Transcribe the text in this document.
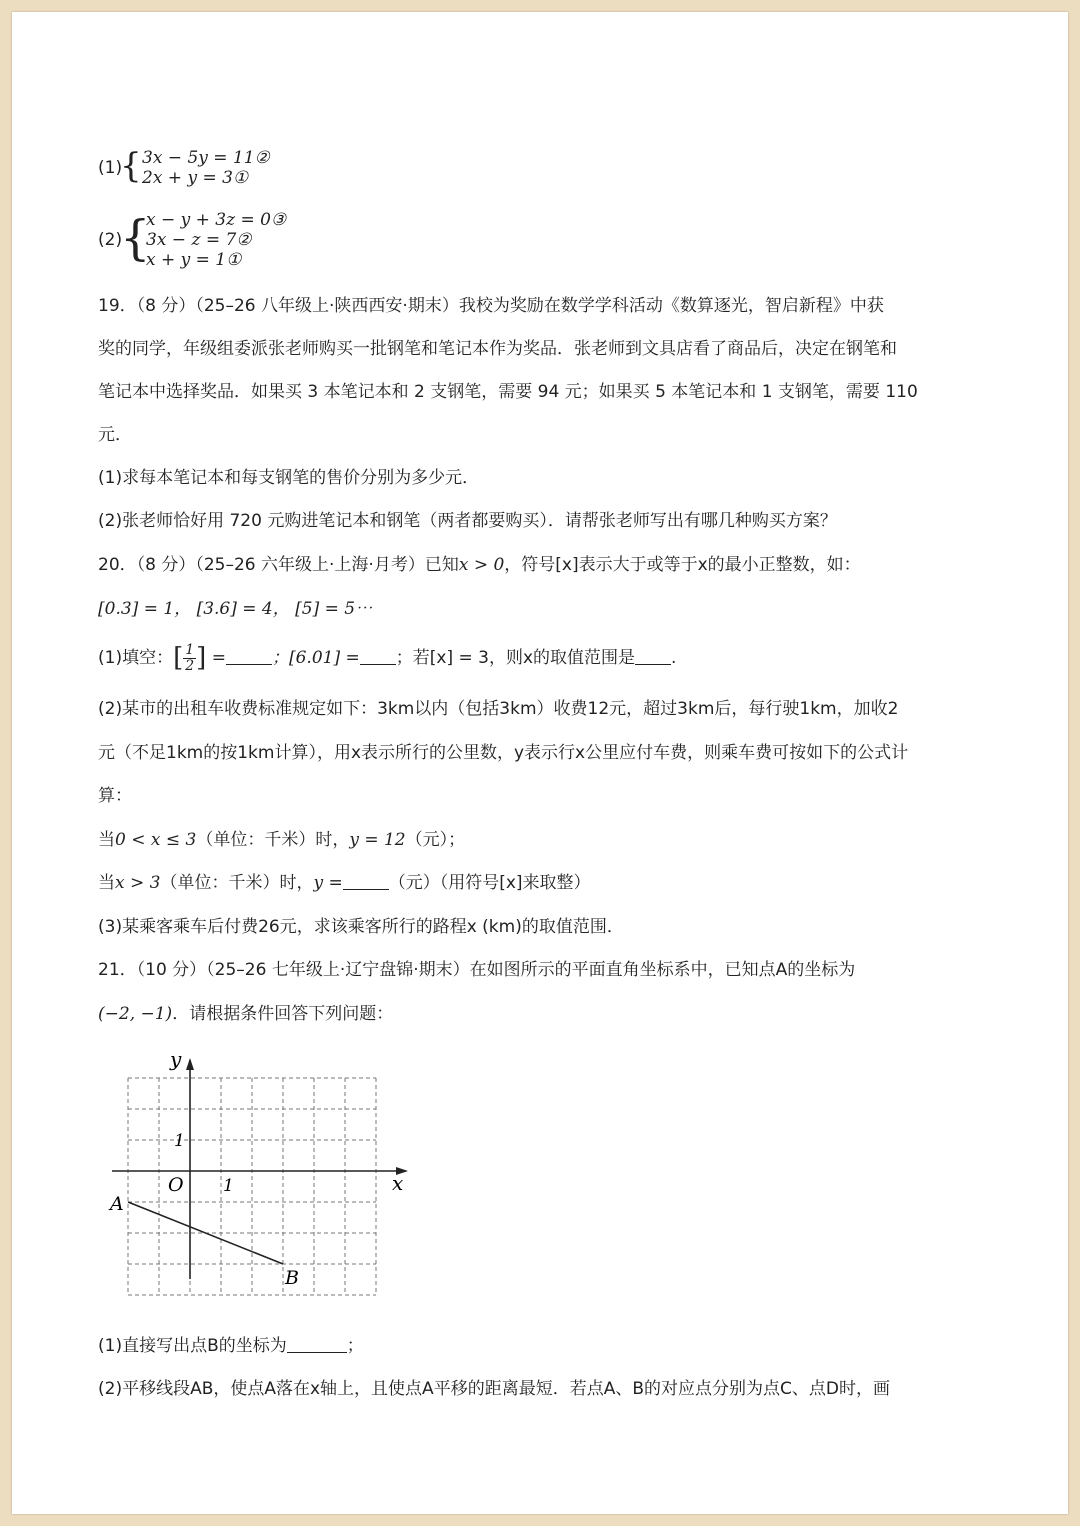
(1)
{ 3x − 5y = 11②
2x + y = 3①
(2)
{
x − y + 3z = 0③
3x − z = 7②
x + y = 1①
19．（8 分）（25–26 八年级上·陕西西安·期末）我校为奖励在数学学科活动《数算逐光，智启新程》中获
奖的同学，年级组委派张老师购买一批钢笔和笔记本作为奖品．张老师到文具店看了商品后，决定在钢笔和
笔记本中选择奖品．如果买 3 本笔记本和 2 支钢笔，需要 94 元；如果买 5 本笔记本和 1 支钢笔，需要 110
元．
(1)求每本笔记本和每支钢笔的售价分别为多少元．
(2)张老师恰好用 720 元购进笔记本和钢笔（两者都要购买）．请帮张老师写出有哪几种购买方案？
20．（8 分）（25–26 六年级上·上海·月考）已知x > 0，符号[x]表示大于或等于x的最小正整数，如：
[0.3] = 1， [3.6] = 4， [5] = 5⋯
(1)填空：[ $\frac{1}{2}$ ] =	；[6.01] = ；若[x] = 3，则x的取值范围是 .
(2)某市的出租车收费标准规定如下：3km以内（包括3km）收费12元，超过3km后，每行驶1km，加收2
元（不足1km的按1km计算），用x表示所行的公里数，y表示行x公里应付车费，则乘车费可按如下的公式计
算：
当0 < x ≤ 3（单位：千米）时，y = 12（元）；
当x > 3（单位：千米）时，y =	（元）（用符号[x]来取整）
(3)某乘客乘车后付费26元，求该乘客所行的路程x (km)的取值范围．
21．（10 分）（25–26 七年级上·辽宁盘锦·期末）在如图所示的平面直角坐标系中，已知点A的坐标为
(−2, −1)．请根据条件回答下列问题：
x
y
O 1
1
A
B
(1)直接写出点B的坐标为	；
(2)平移线段AB，使点A落在x轴上，且使点A平移的距离最短．若点A、B的对应点分别为点C、点D时，画
